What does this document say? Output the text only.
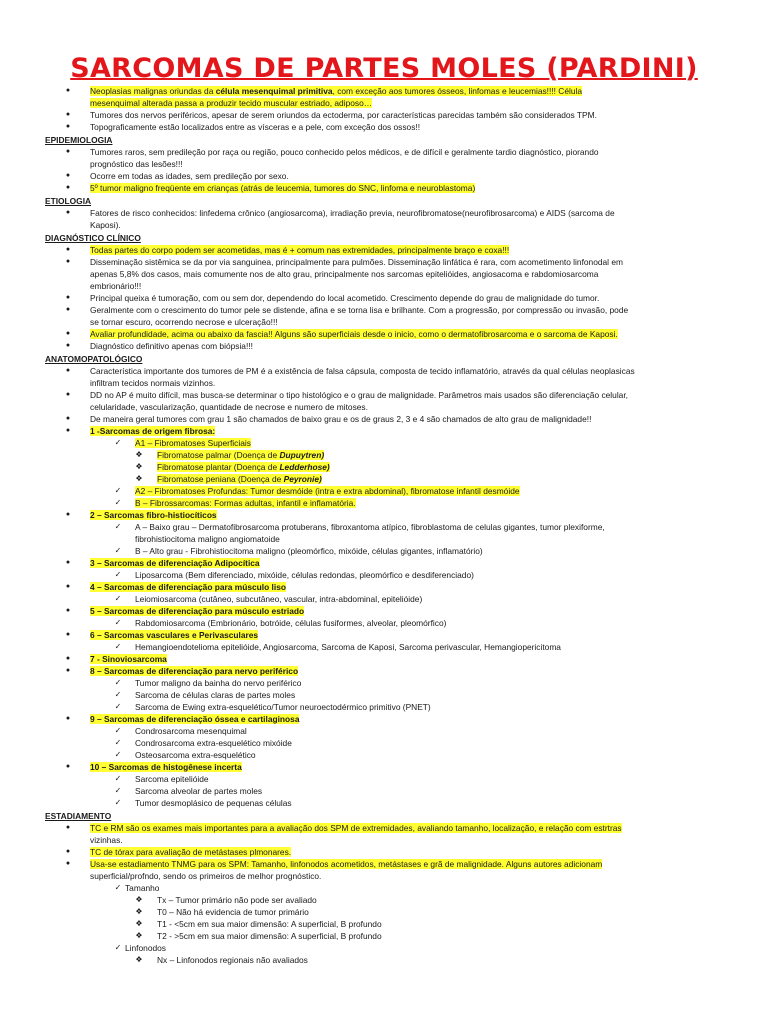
SARCOMAS DE PARTES MOLES (PARDINI)
●	Neoplasias malignas oriundas da célula mesenquimal primitiva, com exceção aos tumores ósseos, linfomas e leucemias!!!! Célula
mesenquimal alterada passa a produzir tecido muscular estriado, adiposo…
●	Tumores dos nervos periféricos, apesar de serem oriundos da ectoderma, por características parecidas também são considerados TPM.
●	Topograficamente estão localizados entre as vísceras e a pele, com exceção dos ossos!!
EPIDEMIOLOGIA
●	Tumores raros, sem predileção por raça ou região, pouco conhecido pelos médicos, e de difícil e geralmente tardio diagnóstico, piorando
prognóstico das lesões!!!
●	Ocorre em todas as idades, sem predileção por sexo.
●	5º tumor maligno freqüente em crianças (atrás de leucemia, tumores do SNC, linfoma e neuroblastoma)
ETIOLOGIA
●	Fatores de risco conhecidos: linfedema crônico (angiosarcoma), irradiação previa, neurofibromatose(neurofibrosarcoma) e AIDS (sarcoma de
Kaposi).
DIAGNÓSTICO CLÍNICO
●	Todas partes do corpo podem ser acometidas, mas é + comum nas extremidades, principalmente braço e coxa!!!
●	Disseminação sistêmica se da por via sanguinea, principalmente para pulmões. Disseminação linfática é rara, com acometimento linfonodal em
apenas 5,8% dos casos, mais comumente nos de alto grau, principalmente nos sarcomas epitelióides, angiosacoma e rabdomiosarcoma
embrionário!!!
●	Principal queixa é tumoração, com ou sem dor, dependendo do local acometido. Crescimento depende do grau de malignidade do tumor.
●	Geralmente com o crescimento do tumor pele se distende, afina e se torna lisa e brilhante. Com a progressão, por compressão ou invasão, pode
se tornar escuro, ocorrendo necrose e ulceração!!!
●	Avaliar profundidade, acima ou abaixo da fascia!! Alguns são superficiais desde o inicio, como o dermatofibrosarcoma e o sarcoma de Kaposi.
●	Diagnóstico definitivo apenas com biópsia!!!
ANATOMOPATOLÓGICO
●	Característica importante dos tumores de PM é a existência de falsa cápsula, composta de tecido inflamatório, através da qual células neoplasicas
infiltram tecidos normais vizinhos.
●	DD no AP é muito difícil, mas busca-se determinar o tipo histológico e o grau de malignidade. Parâmetros mais usados são diferenciação celular,
celularidade, vascularização, quantidade de necrose e numero de mitoses.
●	De maneira geral tumores com grau 1 são chamados de baixo grau e os de graus 2, 3 e 4 são chamados de alto grau de malignidade!!
●	1 -Sarcomas de origem fibrosa:
✓	A1 – Fibromatoses Superficiais
❖ Fibromatose palmar (Doença de Dupuytren)
❖ Fibromatose plantar (Doença de Ledderhose)
❖ Fibromatose peniana (Doença de Peyronie)
✓	A2 – Fibromatoses Profundas: Tumor desmóide (intra e extra abdominal), fibromatose infantil desmóide
✓	B – Fibrossarcomas: Formas adultas, infantil e inflamatória.
●	2 – Sarcomas fibro-histiocíticos
✓	A – Baixo grau – Dermatofibrosarcoma protuberans, fibroxantoma atípico, fibroblastoma de celulas gigantes, tumor plexiforme,
fibrohistiocitoma maligno angiomatoide
✓	B – Alto grau - Fibrohistiocitoma maligno (pleomórfico, mixóide, células gigantes, inflamatório)
●	3 – Sarcomas de diferenciação Adipocítica
✓	Liposarcoma (Bem diferenciado, mixóide, células redondas, pleomórfico e desdiferenciado)
●	4 – Sarcomas de diferenciação para músculo liso
✓	Leiomiosarcoma (cutâneo, subcutâneo, vascular, intra-abdominal, epitelióide)
●	5 – Sarcomas de diferenciação para músculo estriado
✓	Rabdomiosarcoma (Embrionário, botróide, células fusiformes, alveolar, pleomórfico)
●	6 – Sarcomas vasculares e Perivasculares
✓	Hemangioendotelioma epitelióide, Angiosarcoma, Sarcoma de Kaposi, Sarcoma perivascular, Hemangiopericitoma
●	7 - Sinoviosarcoma
●	8 – Sarcomas de diferenciação para nervo periférico
✓	Tumor maligno da bainha do nervo periférico
✓	Sarcoma de células claras de partes moles
✓	Sarcoma de Ewing extra-esquelético/Tumor neuroectodérmico primitivo (PNET)
●	9 – Sarcomas de diferenciação óssea e cartilaginosa
✓	Condrosarcoma mesenquimal
✓	Condrosarcoma extra-esquelético mixóide
✓	Osteosarcoma extra-esquelético
●	10 – Sarcomas de histogênese incerta
✓	Sarcoma epitelióide
✓	Sarcoma alveolar de partes moles
✓	Tumor desmoplásico de pequenas células
ESTADIAMENTO
●	TC e RM são os exames mais importantes para a avaliação dos SPM de extremidades, avaliando tamanho, localização, e relação com estrtras
vizinhas.
●	TC de tórax para avaliação de metástases plmonares.
●	Usa-se estadiamento TNMG para os SPM: Tamanho, linfonodos acometidos, metástases e grã de malignidade. Alguns autores adicionam
superficial/profndo, sendo os primeiros de melhor prognóstico.
✓ Tamanho
❖ Tx – Tumor primário não pode ser avaliado
❖ T0 – Não há evidencia de tumor primário
❖ T1 - <5cm em sua maior dimensão: A superficial, B profundo
❖ T2 - >5cm em sua maior dimensão: A superficial, B profundo
✓ Linfonodos
❖ Nx – Linfonodos regionais não avaliados
